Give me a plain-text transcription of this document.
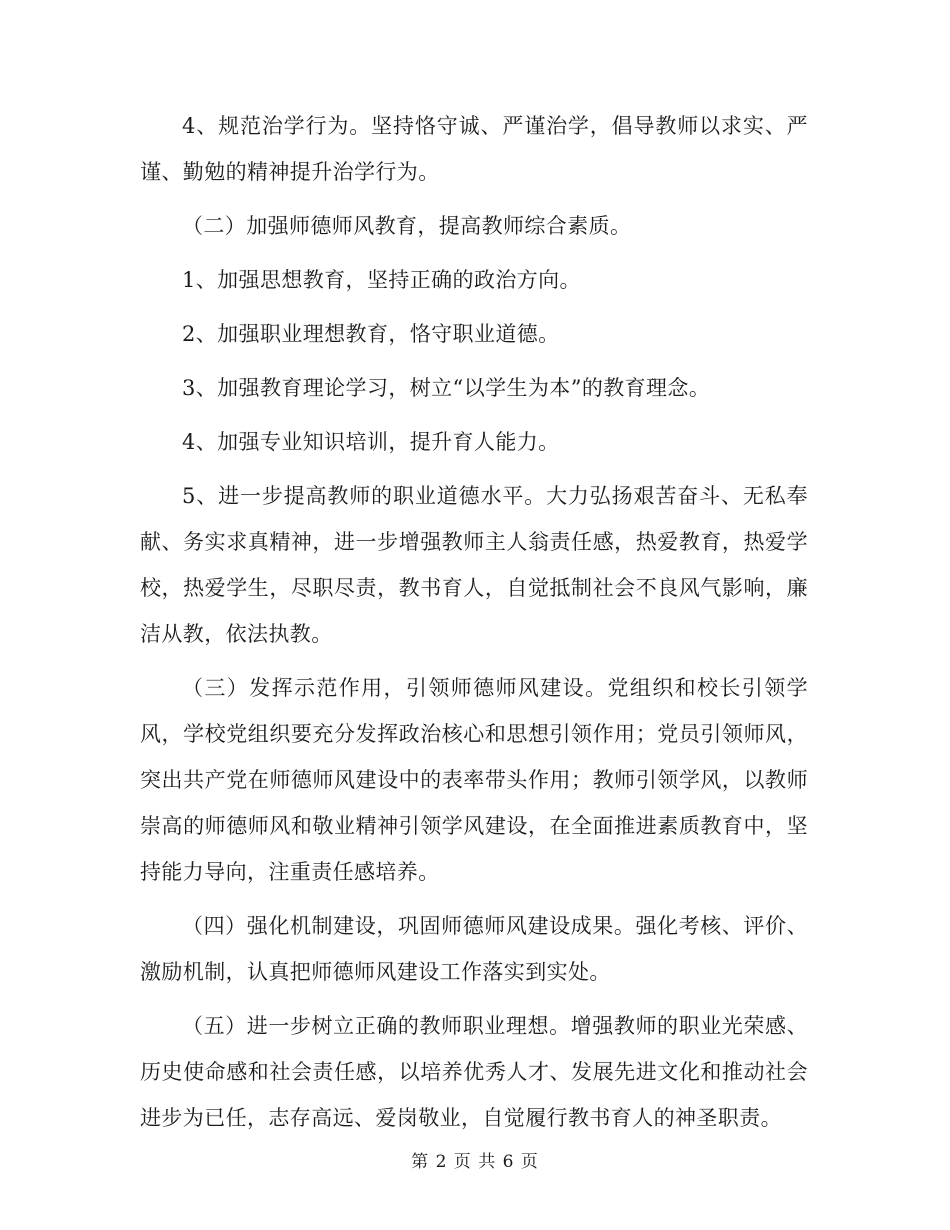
4、规范治学行为。坚持恪守诚、严谨治学，倡导教师以求实、严谨、勤勉的精神提升治学行为。

（二）加强师德师风教育，提高教师综合素质。

1、加强思想教育，坚持正确的政治方向。

2、加强职业理想教育，恪守职业道德。

3、加强教育理论学习，树立“以学生为本”的教育理念。

4、加强专业知识培训，提升育人能力。

5、进一步提高教师的职业道德水平。大力弘扬艰苦奋斗、无私奉献、务实求真精神，进一步增强教师主人翁责任感，热爱教育，热爱学校，热爱学生，尽职尽责，教书育人，自觉抵制社会不良风气影响，廉洁从教，依法执教。

（三）发挥示范作用，引领师德师风建设。党组织和校长引领学风，学校党组织要充分发挥政治核心和思想引领作用；党员引领师风，突出共产党在师德师风建设中的表率带头作用；教师引领学风，以教师崇高的师德师风和敬业精神引领学风建设，在全面推进素质教育中，坚持能力导向，注重责任感培养。

（四）强化机制建设，巩固师德师风建设成果。强化考核、评价、激励机制，认真把师德师风建设工作落实到实处。

（五）进一步树立正确的教师职业理想。增强教师的职业光荣感、历史使命感和社会责任感，以培养优秀人才、发展先进文化和推动社会进步为已任，志存高远、爱岗敬业，自觉履行教书育人的神圣职责。

第 2 页 共 6 页
